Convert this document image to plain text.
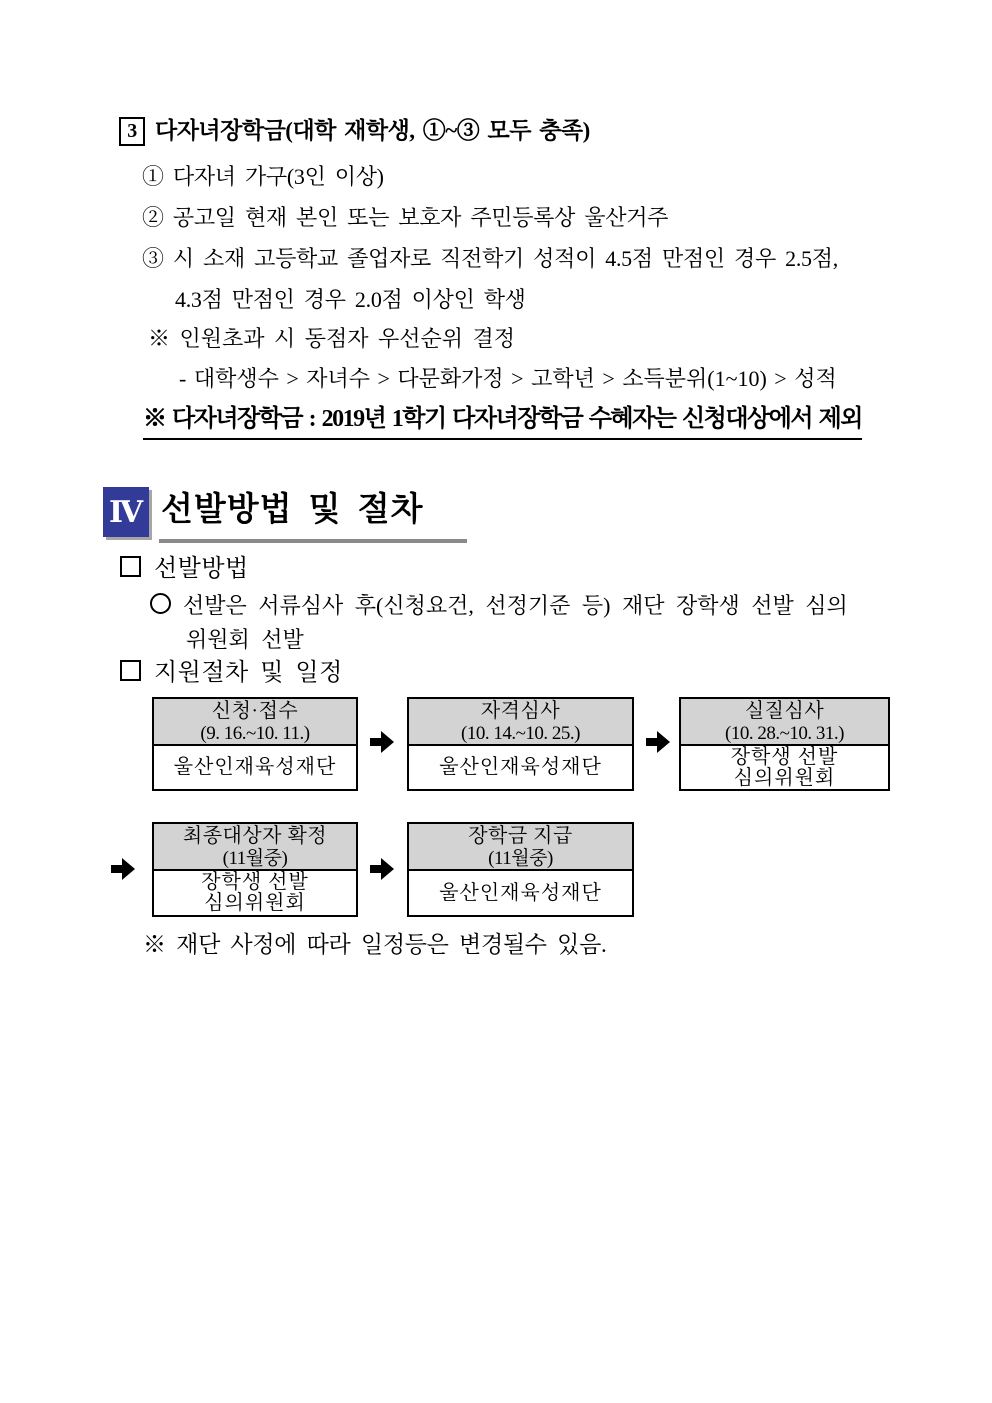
3 다자녀장학금(대학 재학생, ①~③ 모두 충족)
① 다자녀 가구(3인 이상)
② 공고일 현재 본인 또는 보호자 주민등록상 울산거주
③ 시 소재 고등학교 졸업자로 직전학기 성적이 4.5점 만점인 경우 2.5점,
4.3점 만점인 경우 2.0점 이상인 학생
※ 인원초과 시 동점자 우선순위 결정
- 대학생수 > 자녀수 > 다문화가정 > 고학년 > 소득분위(1~10) > 성적
※ 다자녀장학금 : 2019년 1학기 다자녀장학금 수혜자는 신청대상에서 제외
Ⅳ 선발방법 및 절차
선발방법
선발은 서류심사 후(신청요건, 선정기준 등) 재단 장학생 선발 심의
위원회 선발
지원절차 및 일정
신청·접수
(9. 16.~10. 11.)
울산인재육성재단
자격심사
(10. 14.~10. 25.)
울산인재육성재단
실질심사
(10. 28.~10. 31.)
장학생 선발
심의위원회
최종대상자 확정
(11월중)
장학생 선발
심의위원회
장학금 지급
(11월중)
울산인재육성재단
※ 재단 사정에 따라 일정등은 변경될수 있음.
